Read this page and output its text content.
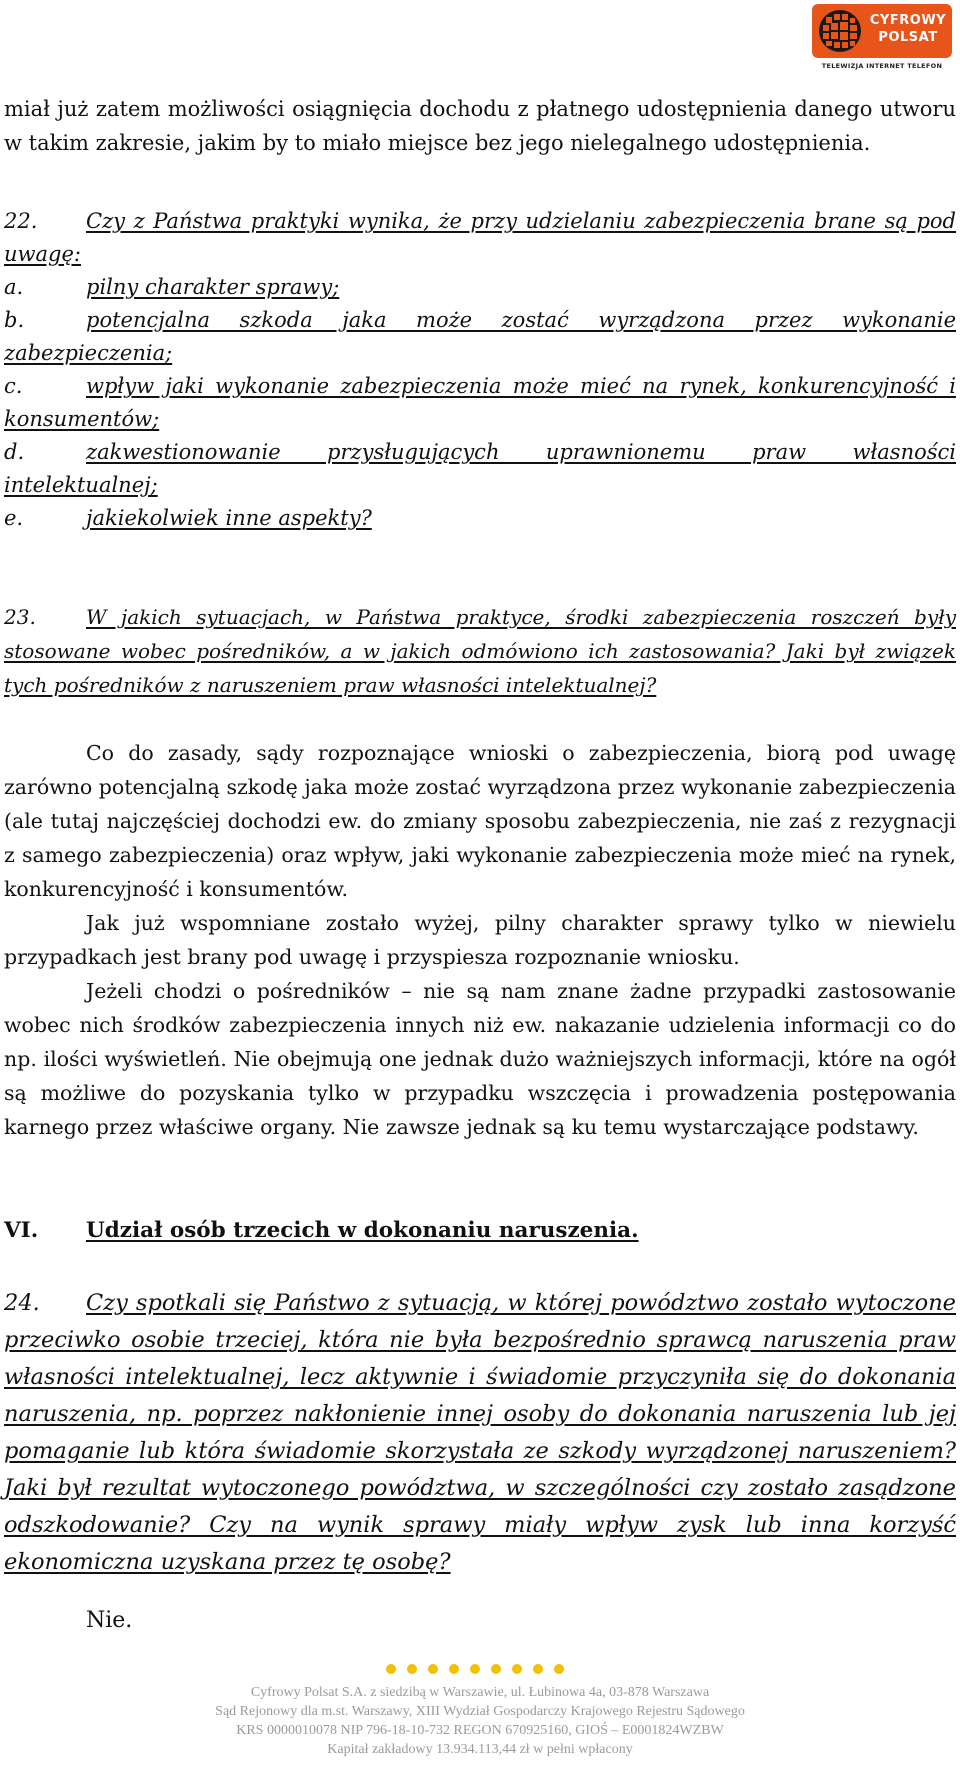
CYFROWY
POLSAT
TELEWIZJA INTERNET TELEFON

miał już zatem możliwości osiągnięcia dochodu z płatnego udostępnienia danego utworu w takim zakresie, jakim by to miało miejsce bez jego nielegalnego udostępnienia.

22. Czy z Państwa praktyki wynika, że przy udzielaniu zabezpieczenia brane są pod uwagę:

a.	pilny charakter sprawy;

b.	potencjalna szkoda jaka może zostać wyrządzona przez wykonanie zabezpieczenia;

c.	wpływ jaki wykonanie zabezpieczenia może mieć na rynek, konkurencyjność i konsumentów;

d.	zakwestionowanie przysługujących uprawnionemu praw własności intelektualnej;

e.	jakiekolwiek inne aspekty?

23.	W jakich sytuacjach, w Państwa praktyce, środki zabezpieczenia roszczeń były stosowane wobec pośredników, a w jakich odmówiono ich zastosowania? Jaki był związek tych pośredników z naruszeniem praw własności intelektualnej?

Co do zasady, sądy rozpoznające wnioski o zabezpieczenia, biorą pod uwagę zarówno potencjalną szkodę jaka może zostać wyrządzona przez wykonanie zabezpieczenia (ale tutaj najczęściej dochodzi ew. do zmiany sposobu zabezpieczenia, nie zaś z rezygnacji z samego zabezpieczenia) oraz wpływ, jaki wykonanie zabezpieczenia może mieć na rynek, konkurencyjność i konsumentów.

Jak już wspomniane zostało wyżej, pilny charakter sprawy tylko w niewielu przypadkach jest brany pod uwagę i przyspiesza rozpoznanie wniosku.

Jeżeli chodzi o pośredników – nie są nam znane żadne przypadki zastosowanie wobec nich środków zabezpieczenia innych niż ew. nakazanie udzielenia informacji co do np. ilości wyświetleń. Nie obejmują one jednak dużo ważniejszych informacji, które na ogół są możliwe do pozyskania tylko w przypadku wszczęcia i prowadzenia postępowania karnego przez właściwe organy. Nie zawsze jednak są ku temu wystarczające podstawy.

VI. Udział osób trzecich w dokonaniu naruszenia.

24. Czy spotkali się Państwo z sytuacją, w której powództwo zostało wytoczone przeciwko osobie trzeciej, która nie była bezpośrednio sprawcą naruszenia praw własności intelektualnej, lecz aktywnie i świadomie przyczyniła się do dokonania naruszenia, np. poprzez nakłonienie innej osoby do dokonania naruszenia lub jej pomaganie lub która świadomie skorzystała ze szkody wyrządzonej naruszeniem? Jaki był rezultat wytoczonego powództwa, w szczególności czy zostało zasądzone odszkodowanie? Czy na wynik sprawy miały wpływ zysk lub inna korzyść ekonomiczna uzyskana przez tę osobę?

Nie.
Cyfrowy Polsat S.A. z siedzibą w Warszawie, ul. Łubinowa 4a, 03-878 Warszawa
Sąd Rejonowy dla m.st. Warszawy, XIII Wydział Gospodarczy Krajowego Rejestru Sądowego
KRS 0000010078 NIP 796-18-10-732 REGON 670925160, GIOŚ – E0001824WZBW
Kapitał zakładowy 13.934.113,44 zł w pełni wpłacony
